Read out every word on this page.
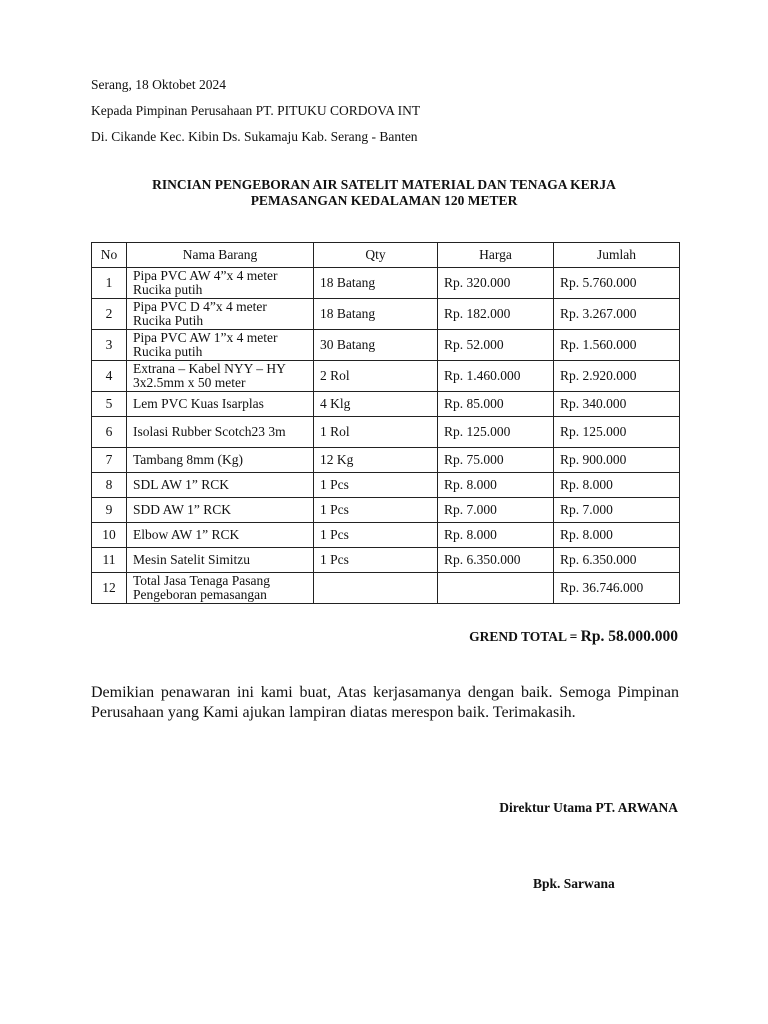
Serang, 18 Oktobet 2024
Kepada Pimpinan Perusahaan PT. PITUKU CORDOVA INT
Di. Cikande Kec. Kibin Ds. Sukamaju Kab. Serang - Banten
RINCIAN PENGEBORAN AIR SATELIT MATERIAL DAN TENAGA KERJA
PEMASANGAN KEDALAMAN 120 METER
No	Nama Barang	Qty	Harga	Jumlah
1	Pipa PVC AW 4”x 4 meter Rucika putih	18 Batang	Rp. 320.000	Rp. 5.760.000
2	Pipa PVC D 4”x 4 meter Rucika Putih	18 Batang	Rp. 182.000	Rp. 3.267.000
3	Pipa PVC AW 1”x 4 meter Rucika putih	30 Batang	Rp. 52.000	Rp. 1.560.000
4	Extrana – Kabel NYY – HY 3x2.5mm x 50 meter	2 Rol	Rp. 1.460.000	Rp. 2.920.000
5	Lem PVC Kuas Isarplas	4 Klg	Rp. 85.000	Rp. 340.000
6	Isolasi Rubber Scotch23 3m	1 Rol	Rp. 125.000	Rp. 125.000
7	Tambang 8mm (Kg)	12 Kg	Rp. 75.000	Rp. 900.000
8	SDL AW 1” RCK	1 Pcs	Rp. 8.000	Rp. 8.000
9	SDD AW 1” RCK	1 Pcs	Rp. 7.000	Rp. 7.000
10	Elbow AW 1” RCK	1 Pcs	Rp. 8.000	Rp. 8.000
11	Mesin Satelit Simitzu	1 Pcs	Rp. 6.350.000	Rp. 6.350.000
12	Total Jasa Tenaga Pasang Pengeboran pemasangan			Rp. 36.746.000
GREND TOTAL = Rp. 58.000.000
Demikian penawaran ini kami buat, Atas kerjasamanya dengan baik. Semoga Pimpinan Perusahaan yang Kami ajukan lampiran diatas merespon baik. Terimakasih.
Direktur Utama PT. ARWANA
Bpk. Sarwana
